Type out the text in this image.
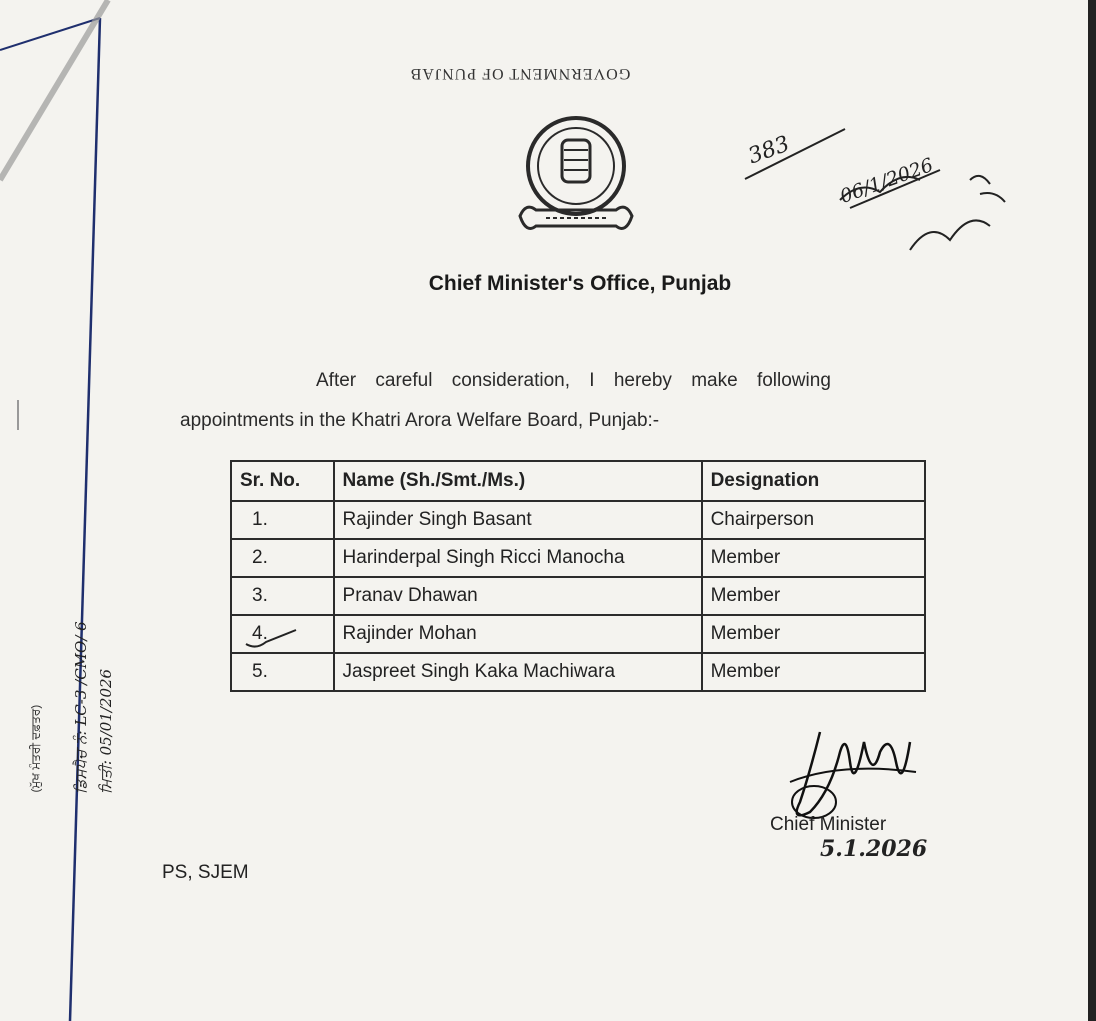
GOVERNMENT OF PUNJAB
383
06/1/2026
Chief Minister's Office, Punjab
After careful consideration, I hereby make following
appointments in the Khatri Arora Welfare Board, Punjab:-
Sr. No.	Name (Sh./Smt./Ms.)	Designation
1.	Rajinder Singh Basant	Chairperson
2.	Harinderpal Singh Ricci Manocha	Member
3.	Pranav Dhawan	Member
4.	Rajinder Mohan	Member
5.	Jaspreet Singh Kaka Machiwara	Member
Chief Minister
5.1.2026
PS, SJEM
ਡਿਸਪੈਚ ਨੰ: LC-3 /CMO/ 6 ਮਿਤੀ: 05/01/2026
(ਮੁੱਖ ਮੰਤਰੀ ਦਫ਼ਤਰ)
